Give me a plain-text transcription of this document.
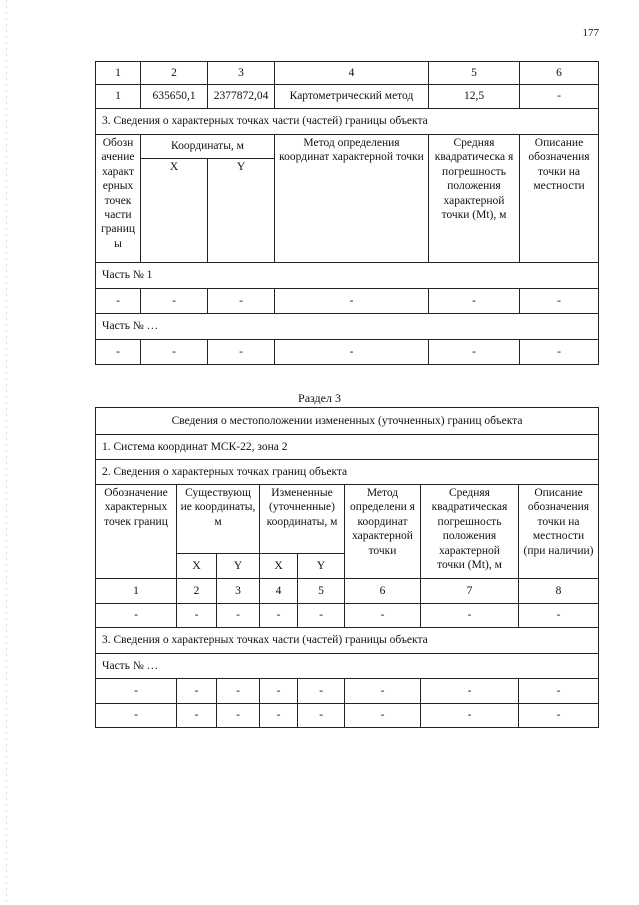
177
1	2	3	4	5	6
1	635650,1	2377872,04	Картометрический метод	12,5	-
3. Сведения о характерных точках части (частей) границы объекта					
Обозн ачение характ ерных точек части границ ы	Координаты, м		Метод определения координат характерной точки	Средняя квадратическа я погрешность положения характерной точки (Mt), м	Описание обозначения точки на местности
	X	Y			
Часть № 1					
-	-	-	-	-	-
Часть № …					
-	-	-	-	-	-
Раздел 3
Сведения о местоположении измененных (уточненных) границ объекта							
1. Система координат МСК-22, зона 2							
2. Сведения о характерных точках границ объекта							
Обозначение характерных точек границ	Существующ ие координаты, м		Измененные (уточненные) координаты, м		Метод определени я координат характерной точки	Средняя квадратическая погрешность положения характерной точки (Mt), м	Описание обозначения точки на местности (при наличии)
	X	Y	X	Y			
1	2	3	4	5	6	7	8
-	-	-	-	-	-	-	-
3. Сведения о характерных точках части (частей) границы объекта							
Часть № …							
-	-	-	-	-	-	-	-
-	-	-	-	-	-	-	-
